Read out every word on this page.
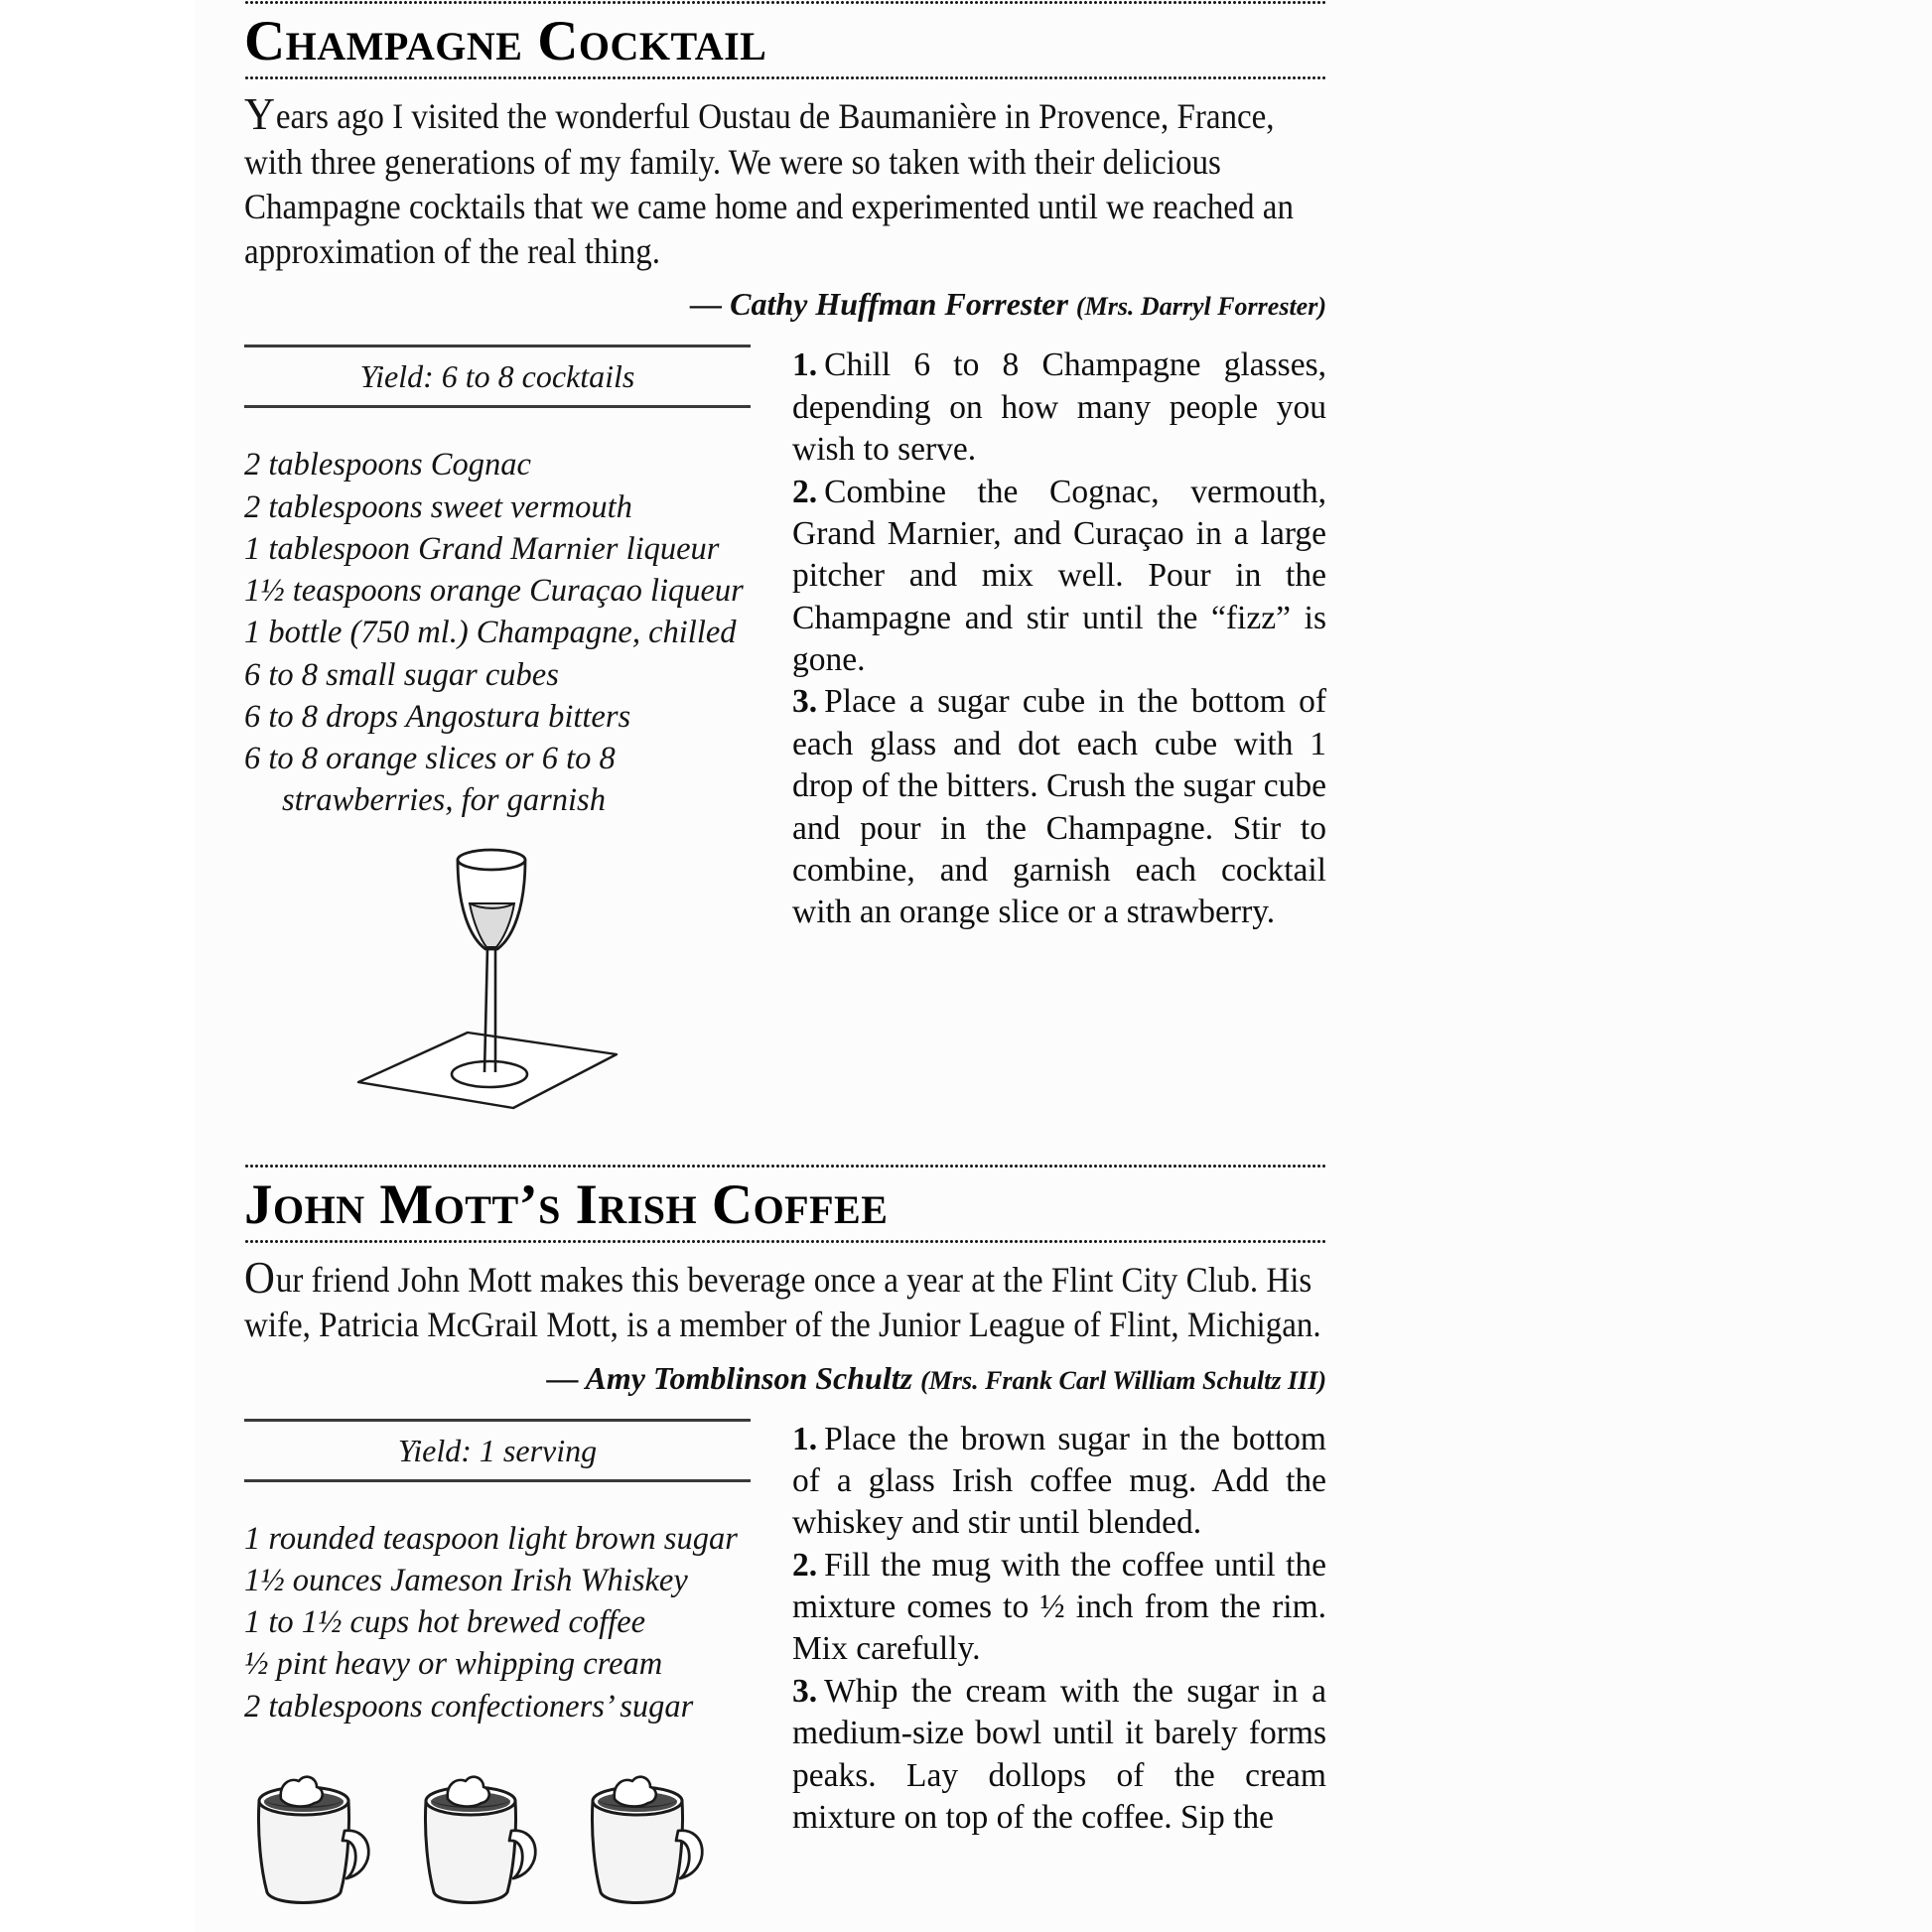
Champagne Cocktail

Years ago I visited the wonderful Oustau de Baumanière in Provence, France, with three generations of my family. We were so taken with their delicious Champagne cocktails that we came home and experimented until we reached an approximation of the real thing.

— Cathy Huffman Forrester (Mrs. Darryl Forrester)
Yield: 6 to 8 cocktails
2 tablespoons Cognac
2 tablespoons sweet vermouth
1 tablespoon Grand Marnier liqueur
1½ teaspoons orange Curaçao liqueur
1 bottle (750 ml.) Champagne, chilled
6 to 8 small sugar cubes
6 to 8 drops Angostura bitters
6 to 8 orange slices or 6 to 8
strawberries, for garnish

1. Chill 6 to 8 Champagne glasses, depending on how many people you wish to serve.

2. Combine the Cognac, vermouth, Grand Marnier, and Curaçao in a large pitcher and mix well. Pour in the Champagne and stir until the “fizz” is gone.

3. Place a sugar cube in the bottom of each glass and dot each cube with 1 drop of the bitters. Crush the sugar cube and pour in the Champagne. Stir to combine, and garnish each cocktail with an orange slice or a strawberry.

John Mott’s Irish Coffee

Our friend John Mott makes this beverage once a year at the Flint City Club. His wife, Patricia McGrail Mott, is a member of the Junior League of Flint, Michigan.

— Amy Tomblinson Schultz (Mrs. Frank Carl William Schultz III)
Yield: 1 serving
1 rounded teaspoon light brown sugar
1½ ounces Jameson Irish Whiskey
1 to 1½ cups hot brewed coffee
½ pint heavy or whipping cream
2 tablespoons confectioners’ sugar

1. Place the brown sugar in the bottom of a glass Irish coffee mug. Add the whiskey and stir until blended.

2. Fill the mug with the coffee until the mixture comes to ½ inch from the rim. Mix carefully.

3. Whip the cream with the sugar in a medium-size bowl until it barely forms peaks. Lay dollops of the cream mixture on top of the coffee. Sip the
